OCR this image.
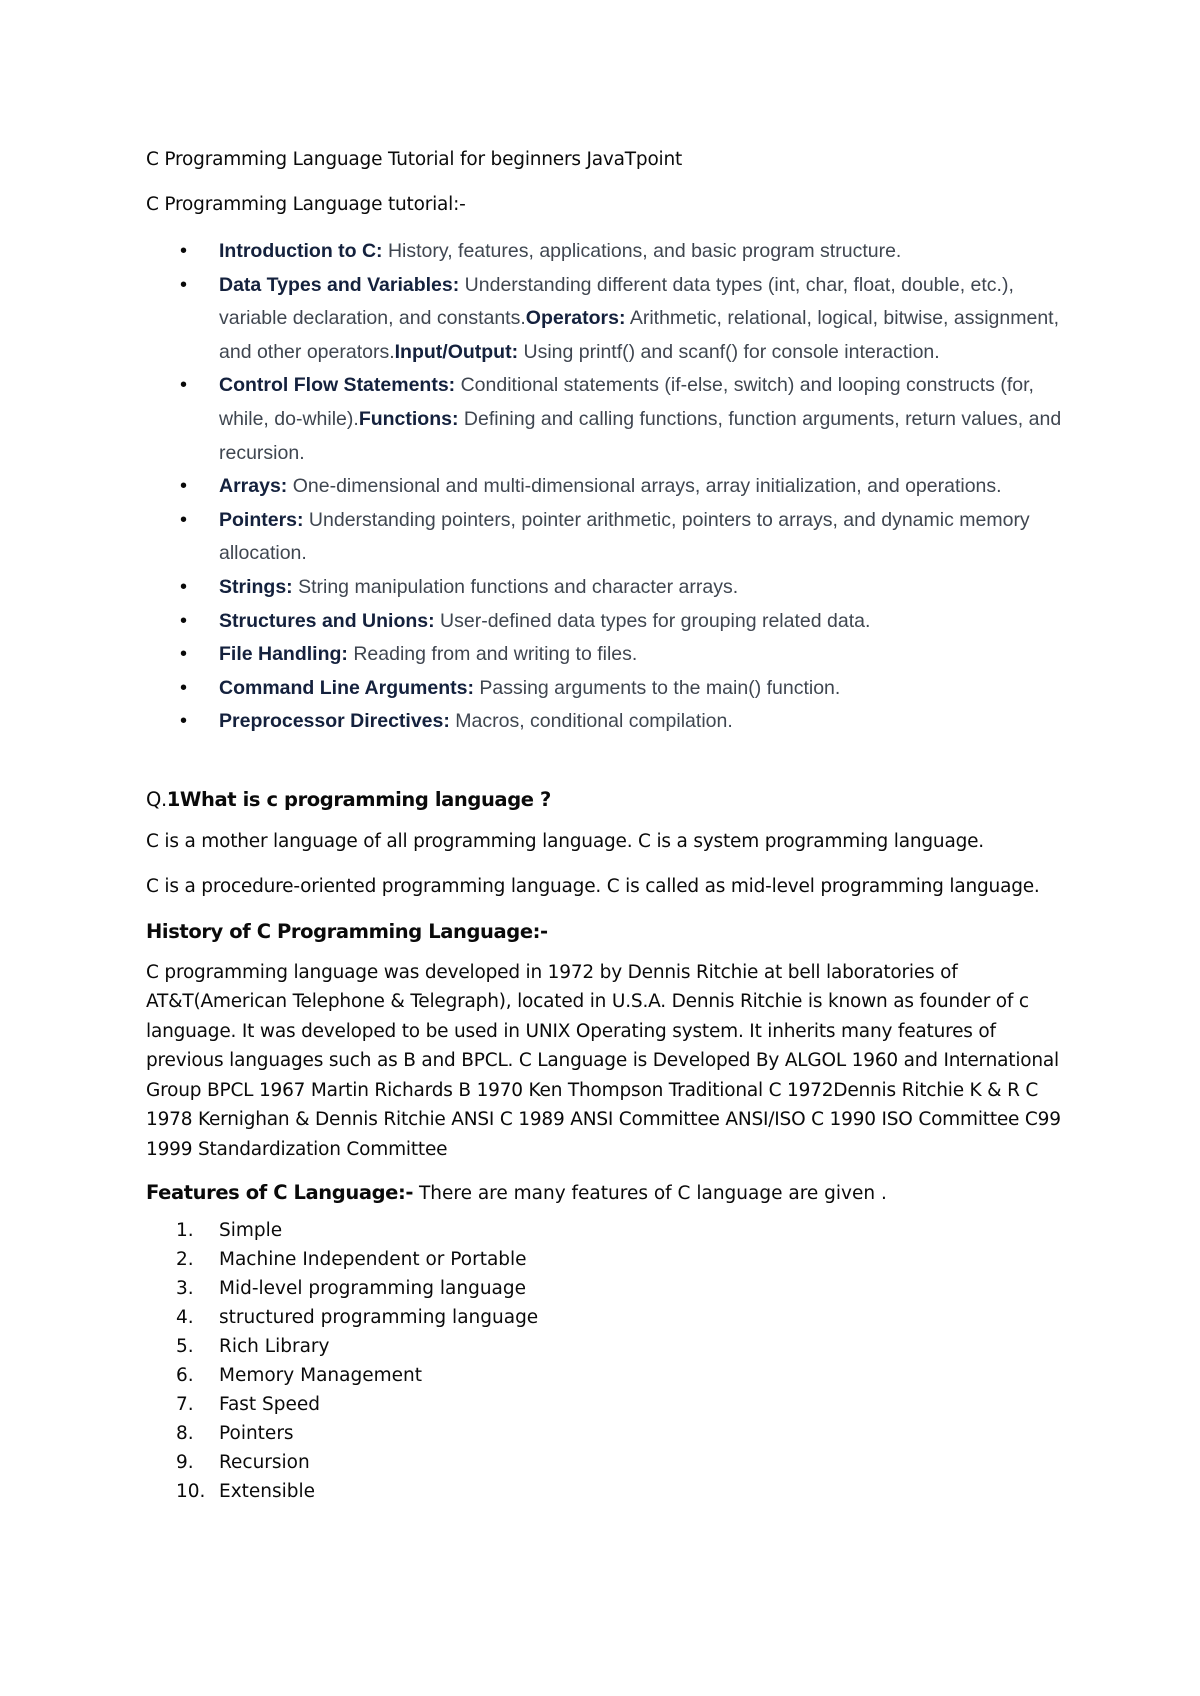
C Programming Language Tutorial for beginners JavaTpoint

C Programming Language tutorial:-

• Introduction to C: History, features, applications, and basic program structure.
• Data Types and Variables: Understanding different data types (int, char, float, double, etc.), variable declaration, and constants.Operators: Arithmetic, relational, logical, bitwise, assignment, and other operators.Input/Output: Using printf() and scanf() for console interaction.
• Control Flow Statements: Conditional statements (if-else, switch) and looping constructs (for, while, do-while).Functions: Defining and calling functions, function arguments, return values, and recursion.
• Arrays: One-dimensional and multi-dimensional arrays, array initialization, and operations.
• Pointers: Understanding pointers, pointer arithmetic, pointers to arrays, and dynamic memory allocation.
• Strings: String manipulation functions and character arrays.
• Structures and Unions: User-defined data types for grouping related data.
• File Handling: Reading from and writing to files.
• Command Line Arguments: Passing arguments to the main() function.
• Preprocessor Directives: Macros, conditional compilation.
Q.1What is c programming language ?

C is a mother language of all programming language. C is a system programming language.

C is a procedure-oriented programming language. C is called as mid-level programming language.

History of C Programming Language:-

C programming language was developed in 1972 by Dennis Ritchie at bell laboratories of AT&T(American Telephone & Telegraph), located in U.S.A. Dennis Ritchie is known as founder of c language. It was developed to be used in UNIX Operating system. It inherits many features of previous languages such as B and BPCL. C Language is Developed By ALGOL 1960 and International Group BPCL 1967 Martin Richards B 1970 Ken Thompson Traditional C 1972Dennis Ritchie K & R C 1978 Kernighan & Dennis Ritchie ANSI C 1989 ANSI Committee ANSI/ISO C 1990 ISO Committee C99 1999 Standardization Committee

Features of C Language:- There are many features of C language are given .

1. Simple
2. Machine Independent or Portable
3. Mid-level programming language
4. structured programming language
5. Rich Library
6. Memory Management
7. Fast Speed
8. Pointers
9. Recursion
10. Extensible
